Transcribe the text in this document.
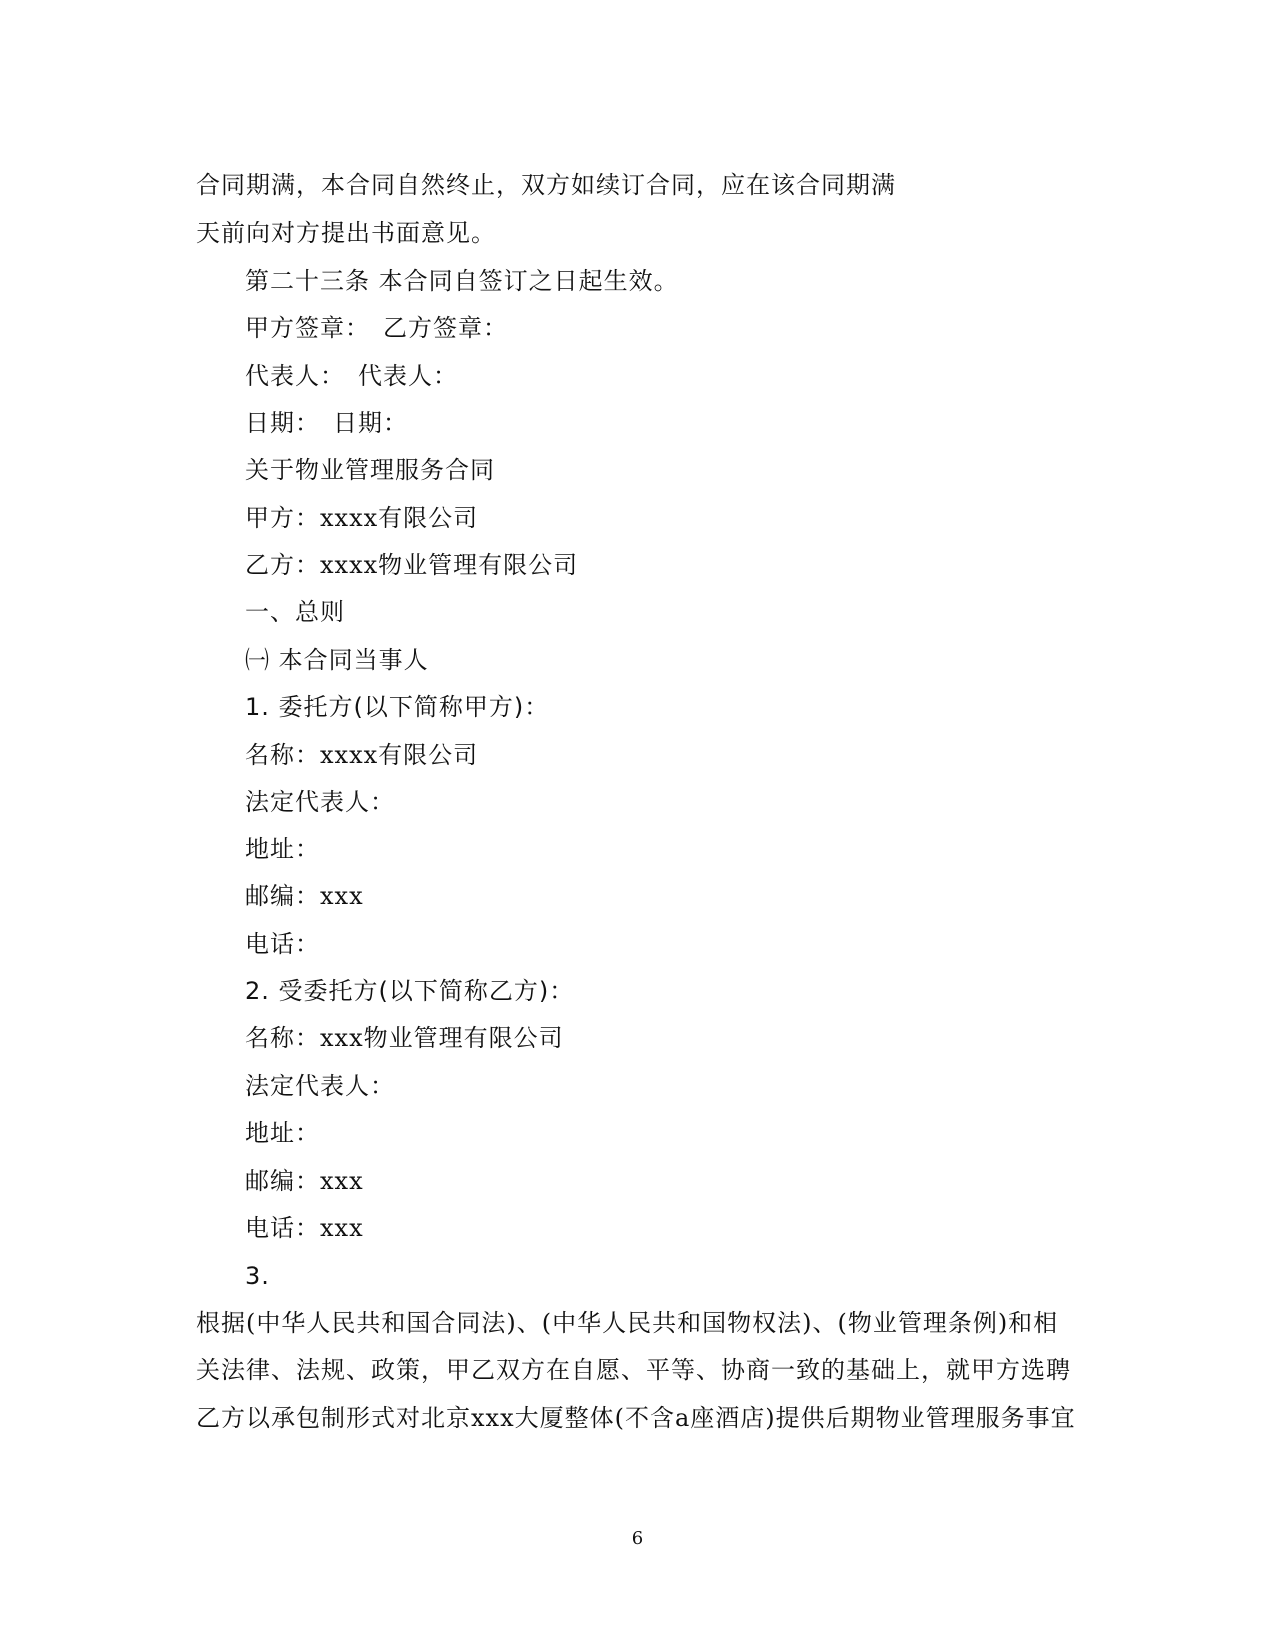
合同期满，本合同自然终止，双方如续订合同，应在该合同期满
天前向对方提出书面意见。
第二十三条 本合同自签订之日起生效。
甲方签章：　乙方签章：
代表人：　代表人：
日期：　日期：
关于物业管理服务合同
甲方：xxxx有限公司
乙方：xxxx物业管理有限公司
一、总则
㈠ 本合同当事人
1. 委托方(以下简称甲方)：
名称：xxxx有限公司
法定代表人：
地址：
邮编：xxx
电话：
2. 受委托方(以下简称乙方)：
名称：xxx物业管理有限公司
法定代表人：
地址：
邮编：xxx
电话：xxx
3.
根据(中华人民共和国合同法)、(中华人民共和国物权法)、(物业管理条例)和相
关法律、法规、政策，甲乙双方在自愿、平等、协商一致的基础上，就甲方选聘
乙方以承包制形式对北京xxx大厦整体(不含a座酒店)提供后期物业管理服务事宜
6
